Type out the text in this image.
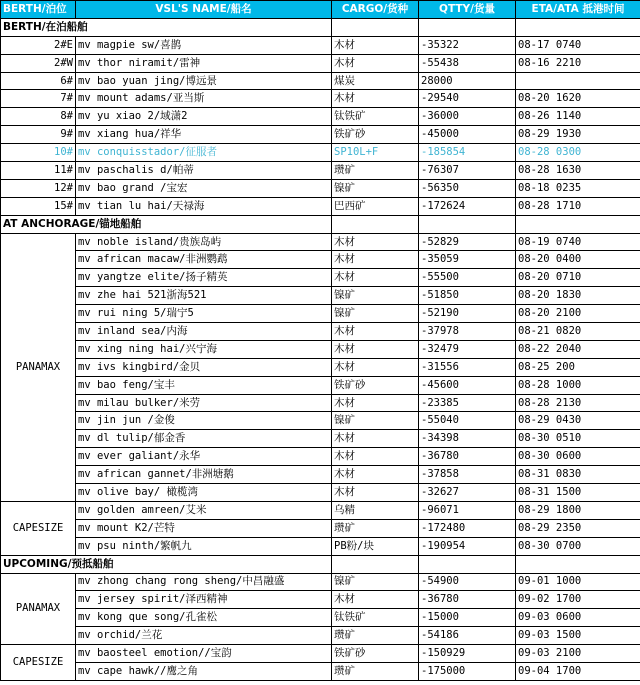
BERTH/泊位	VSL'S NAME/船名	CARGO/货种	QTTY/货量	ETA/ATA 抵港时间
BERTH/在泊船舶				
2#E	mv magpie sw/喜鹊	木材	-35322	08-17 0740
2#W	mv thor niramit/雷神	木材	-55438	08-16 2210
6#	mv bao yuan jing/博远景	煤炭	28000	
7#	mv mount adams/亚当斯	木材	-29540	08-20 1620
8#	mv yu xiao 2/域潇2	钛铁矿	-36000	08-26 1140
9#	mv xiang hua/祥华	铁矿砂	-45000	08-29 1930
10#	mv conquisstador/征服者	SP10L+F	-185854	08-28 0300
11#	mv paschalis d/帕蒂	瓒矿	-76307	08-28 1630
12#	mv bao grand /宝宏	镍矿	-56350	08-18 0235
15#	mv tian lu hai/天禄海	巴西矿	-172624	08-28 1710
AT ANCHORAGE/锚地船舶				
PANAMAX	mv noble island/贵族岛屿	木材	-52829	08-19 0740
	mv african macaw/非洲鹦鹉	木材	-35059	08-20 0400
	mv yangtze elite/扬子精英	木材	-55500	08-20 0710
	mv zhe hai 521浙海521	镍矿	-51850	08-20 1830
	mv rui ning 5/瑞宁5	镍矿	-52190	08-20 2100
	mv inland sea/内海	木材	-37978	08-21 0820
	mv xing ning hai/兴宁海	木材	-32479	08-22 2040
	mv ivs kingbird/金贝	木材	-31556	08-25 200
	mv bao feng/宝丰	铁矿砂	-45600	08-28 1000
	mv milau bulker/米劳	木材	-23385	08-28 2130
	mv jin jun /金俊	镍矿	-55040	08-29 0430
	mv dl tulip/郁金香	木材	-34398	08-30 0510
	mv ever galiant/永华	木材	-36780	08-30 0600
	mv african gannet/非洲塘鹅	木材	-37858	08-31 0830
	mv olive bay/ 橄榄湾	木材	-32627	08-31 1500
CAPESIZE	mv golden amreen/艾米	乌精	-96071	08-29 1800
	mv mount K2/芒特	瓒矿	-172480	08-29 2350
	mv psu ninth/繁帆九	PB粉/块	-190954	08-30 0700
UPCOMING/预抵船舶				
PANAMAX	mv zhong chang rong sheng/中昌融盛	镍矿	-54900	09-01 1000
	mv jersey spirit/泽西精神	木材	-36780	09-02 1700
	mv kong que song/孔雀松	钛铁矿	-15000	09-03 0600
	mv orchid/兰花	瓒矿	-54186	09-03 1500
CAPESIZE	mv baosteel emotion//宝韵	铁矿砂	-150929	09-03 2100
	mv cape hawk//鹰之角	瓒矿	-175000	09-04 1700
